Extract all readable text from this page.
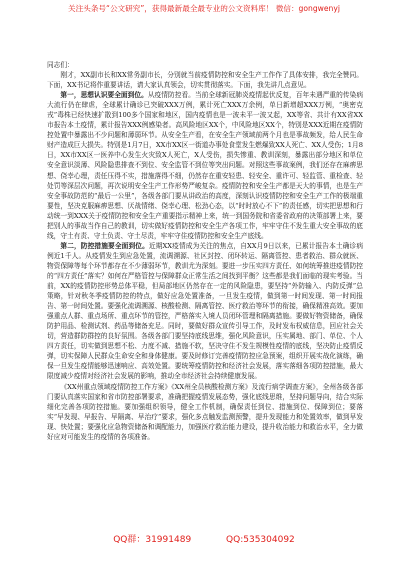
关注头条号“公文研究”，获得最新最全最专业的公文资料库！ 微信：gongwenyj

同志们：

刚才，XX副市长和XX常务副市长，分别就当前疫情防控和安全生产工作作了具体安排，我完全赞同。下面，XX书记将作重要讲话，请大家认真领会，切实贯彻落实。下面，我先讲几点意见。

第一，思想认识要全面到位。从疫情防控看。当前全球新冠肺炎疫情起伏反复，百年未遇严重的传染病大流行仍在肆虐，全球累计确诊已突破XXX万例，累计死亡XXX万余例，单日新增超XXX万例，“奥密克戎”毒株已经快速扩散到100多个国家和地区，国内疫情也是一波未平一波又起，XX等省、共计有XX省XX市报告本土疫情，累计报告XXX例感染者。高风险地区XX个，中风险地区XX个，特别是XXX近期在疫情防控处置中暴露出不少问题和薄弱环节。从安全生产看，在安全生产领域前两个月也是事故频发，给人民生命财产造成巨大损失。特别是1月7日，XX市XX区一街道办事处食堂发生燃爆致XX人死亡、XX人受伤；1月8日，XX市XX区一医养中心发生火灾致X人死亡，X人受伤，损失惨重、教训深刻，暴露出部分地区和单位安全意识淡薄、风险隐患排查不到位、安全监管不到位等突出问题。对照这些事故案例，我们还存在麻痹思想、侥幸心理，责任压得不实，措施落得不细，仍然存在重安轻患、轻安全、重许可、轻监管、重检查、轻处罚等深层次问题，再次说明安全生产工作形势严峻复杂。疫情防控和安全生产都是天大的事情，也是生产安全事故防范的“最后一公里”，各级各部门要从讲政治的高度，深刻认识疫情防控和安全生产工作的极端重要性，坚决克服麻痹思想、厌战情绪、侥幸心理、松劲心态，以“时时放心不下”的责任感，切实把思想和行动统一到XXX关于疫情防控和安全生产重要指示精神上来，统一到国务院和省委省政府的决策部署上来，要把别人的事故当作自己的教训，切实做好疫情防控和安全生产各项工作，牢牢守住不发生重大安全事故的底线，守土有责、守土负责、守土尽责，牢牢守住疫情防控和安全生产底线。

第二，防控措施要全面到位。近期XX疫情成为关注的焦点，自XX月9日以来，已累计报告本土确诊病例近1千人。从疫情发生到应急处置，流调溯源、社区封控、闭环转运、隔离管控、患者救治、群众就医、物资保障等每个环节都存在不少薄弱环节，教训尤为深刻。要进一步压实四方责任、如何统筹推进疫情防控的“四方责任”落实？如何在严格管控与保障群众正常生活之间找到平衡？这些都是我们面临的现实考验。当前，XX的疫情防控形势总体平稳，但局部地区仍然存在一定的风险隐患，要坚持“外防输入、内防反弹”总策略，针对秋冬季疫情防控的特点，做好应急处置准备，一旦发生疫情，做到第一时间发现、第一时间报告、第一时间处置。要强化流调溯源、核酸检测、隔离管控、医疗救治等环节的衔接，确保精准高效。要加强重点人群、重点场所、重点环节的管控，严格落实入境人员闭环管理和隔离措施。要做好物资储备，确保防护用品、检测试剂、药品等储备充足。同时，要做好群众宣传引导工作，及时发布权威信息，回应社会关切，营造群防群控的良好氛围。各级各部门要坚持底线思维，强化风险意识，压实属地、部门、单位、个人四方责任，切实做到思想不松、力度不减、措施不软，坚决守住不发生规模性疫情的底线，坚决防止疫情反弹，切实保障人民群众生命安全和身体健康。要及时修订完善疫情防控应急预案，组织开展实战化演练，确保一旦发生疫情能够迅速响应、高效处置。要统筹疫情防控和经济社会发展，落实落细各项防控措施，最大限度减少疫情对经济社会发展的影响，推动全市经济社会持续健康发展。

《XX州重点领域疫情防控工作方案》《XX州全员核酸检测方案》及流行病学调查方案》，全州各级各部门要认真落实国家和省市防控部署要求，准确把握疫情发展态势，强化底线思维，坚持问题导向，结合实际细化完善各项防控措施。要加强组织领导，健全工作机制，确保责任到位、措施到位、保障到位；要落实“早发现、早报告、早隔离、早治疗”要求，强化多点触发监测预警，提升发现能力和处置效率，做到早发现、快处置；要强化应急物资储备和调配能力，加强医疗救治能力建设，提升收治能力和救治水平，全力做好应对可能发生的疫情的各项准备。

QQ群：31991489	QQ:535304092
